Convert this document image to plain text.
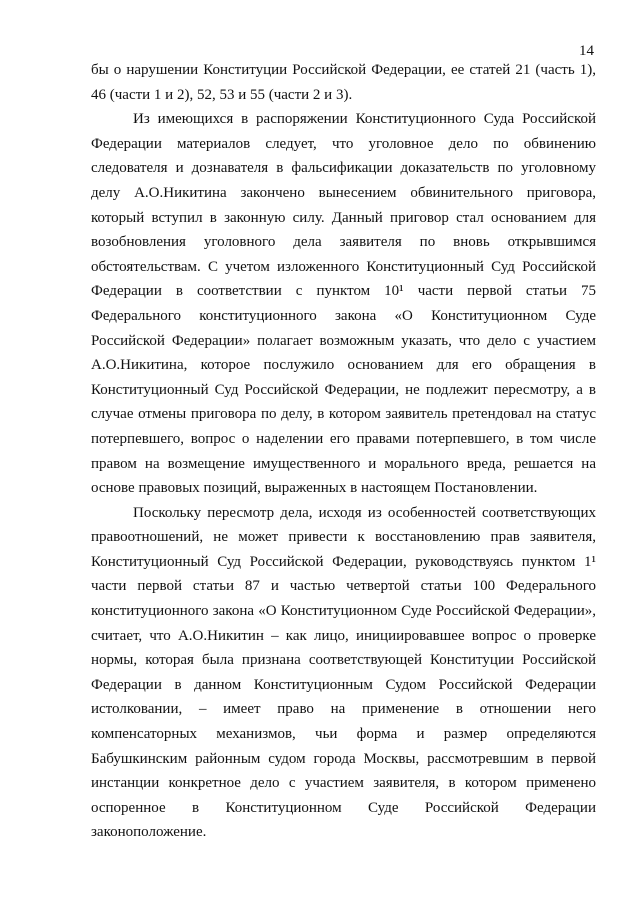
14

бы о нарушении Конституции Российской Федерации, ее статей 21 (часть 1), 46 (части 1 и 2), 52, 53 и 55 (части 2 и 3).

Из имеющихся в распоряжении Конституционного Суда Российской Федерации материалов следует, что уголовное дело по обвинению следователя и дознавателя в фальсификации доказательств по уголовному делу А.О.Никитина закончено вынесением обвинительного приговора, который вступил в законную силу. Данный приговор стал основанием для возобновления уголовного дела заявителя по вновь открывшимся обстоятельствам. С учетом изложенного Конституционный Суд Российской Федерации в соответствии с пунктом 10¹ части первой статьи 75 Федерального конституционного закона «О Конституционном Суде Российской Федерации» полагает возможным указать, что дело с участием А.О.Никитина, которое послужило основанием для его обращения в Конституционный Суд Российской Федерации, не подлежит пересмотру, а в случае отмены приговора по делу, в котором заявитель претендовал на статус потерпевшего, вопрос о наделении его правами потерпевшего, в том числе правом на возмещение имущественного и морального вреда, решается на основе правовых позиций, выраженных в настоящем Постановлении.

Поскольку пересмотр дела, исходя из особенностей соответствующих правоотношений, не может привести к восстановлению прав заявителя, Конституционный Суд Российской Федерации, руководствуясь пунктом 1¹ части первой статьи 87 и частью четвертой статьи 100 Федерального конституционного закона «О Конституционном Суде Российской Федерации», считает, что А.О.Никитин – как лицо, инициировавшее вопрос о проверке нормы, которая была признана соответствующей Конституции Российской Федерации в данном Конституционным Судом Российской Федерации истолковании, – имеет право на применение в отношении него компенсаторных механизмов, чьи форма и размер определяются Бабушкинским районным судом города Москвы, рассмотревшим в первой инстанции конкретное дело с участием заявителя, в котором применено оспоренное в Конституционном Суде Российской Федерации законоположение.
